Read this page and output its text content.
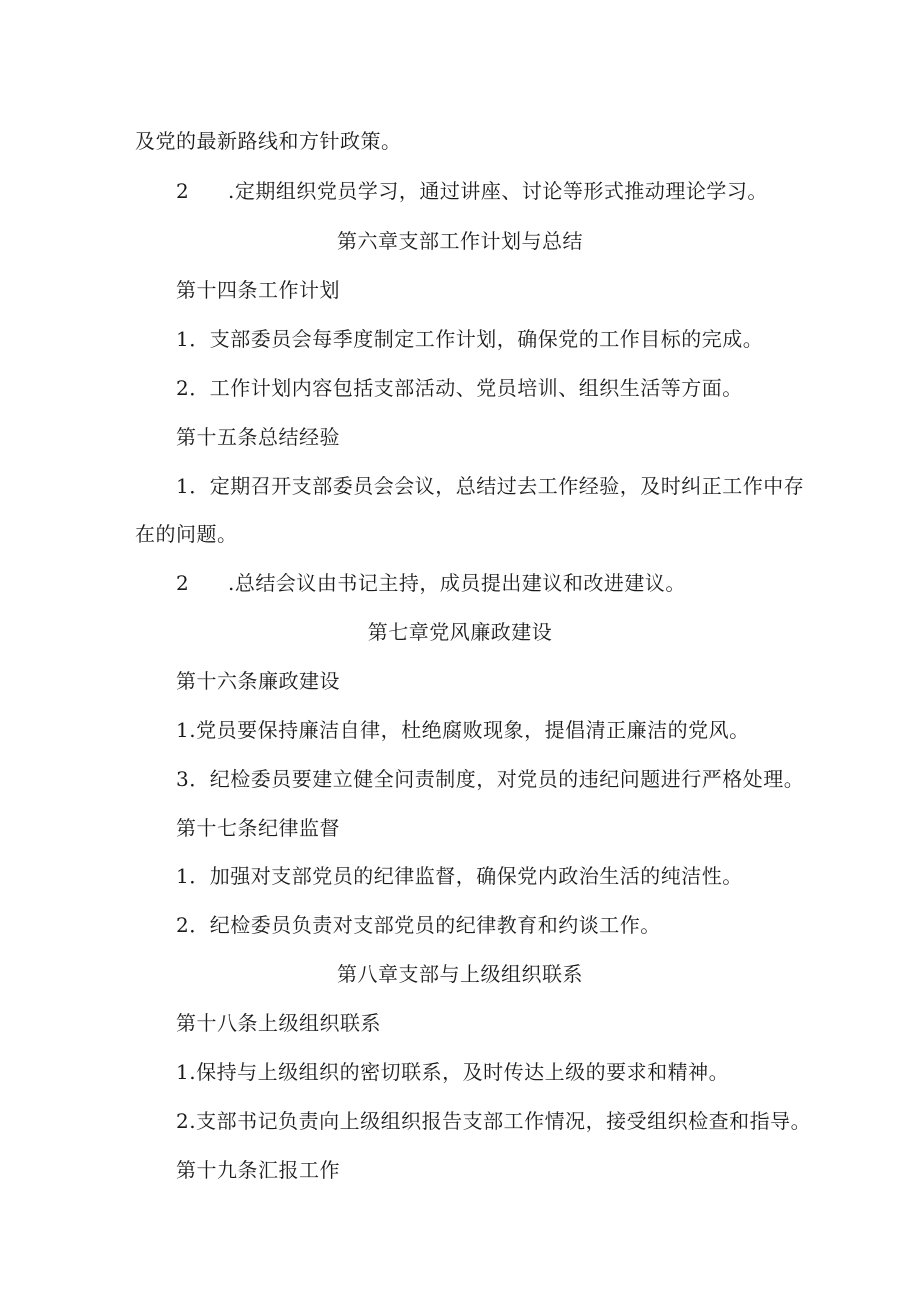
及党的最新路线和方针政策。
2 .定期组织党员学习，通过讲座、讨论等形式推动理论学习。
第六章支部工作计划与总结
第十四条工作计划
1．支部委员会每季度制定工作计划，确保党的工作目标的完成。
2．工作计划内容包括支部活动、党员培训、组织生活等方面。
第十五条总结经验
1．定期召开支部委员会会议，总结过去工作经验，及时纠正工作中存
在的问题。
2 .总结会议由书记主持，成员提出建议和改进建议。
第七章党风廉政建设
第十六条廉政建设
1.党员要保持廉洁自律，杜绝腐败现象，提倡清正廉洁的党风。
3．纪检委员要建立健全问责制度，对党员的违纪问题进行严格处理。
第十七条纪律监督
1．加强对支部党员的纪律监督，确保党内政治生活的纯洁性。
2．纪检委员负责对支部党员的纪律教育和约谈工作。
第八章支部与上级组织联系
第十八条上级组织联系
1.保持与上级组织的密切联系，及时传达上级的要求和精神。
2.支部书记负责向上级组织报告支部工作情况，接受组织检查和指导。
第十九条汇报工作
